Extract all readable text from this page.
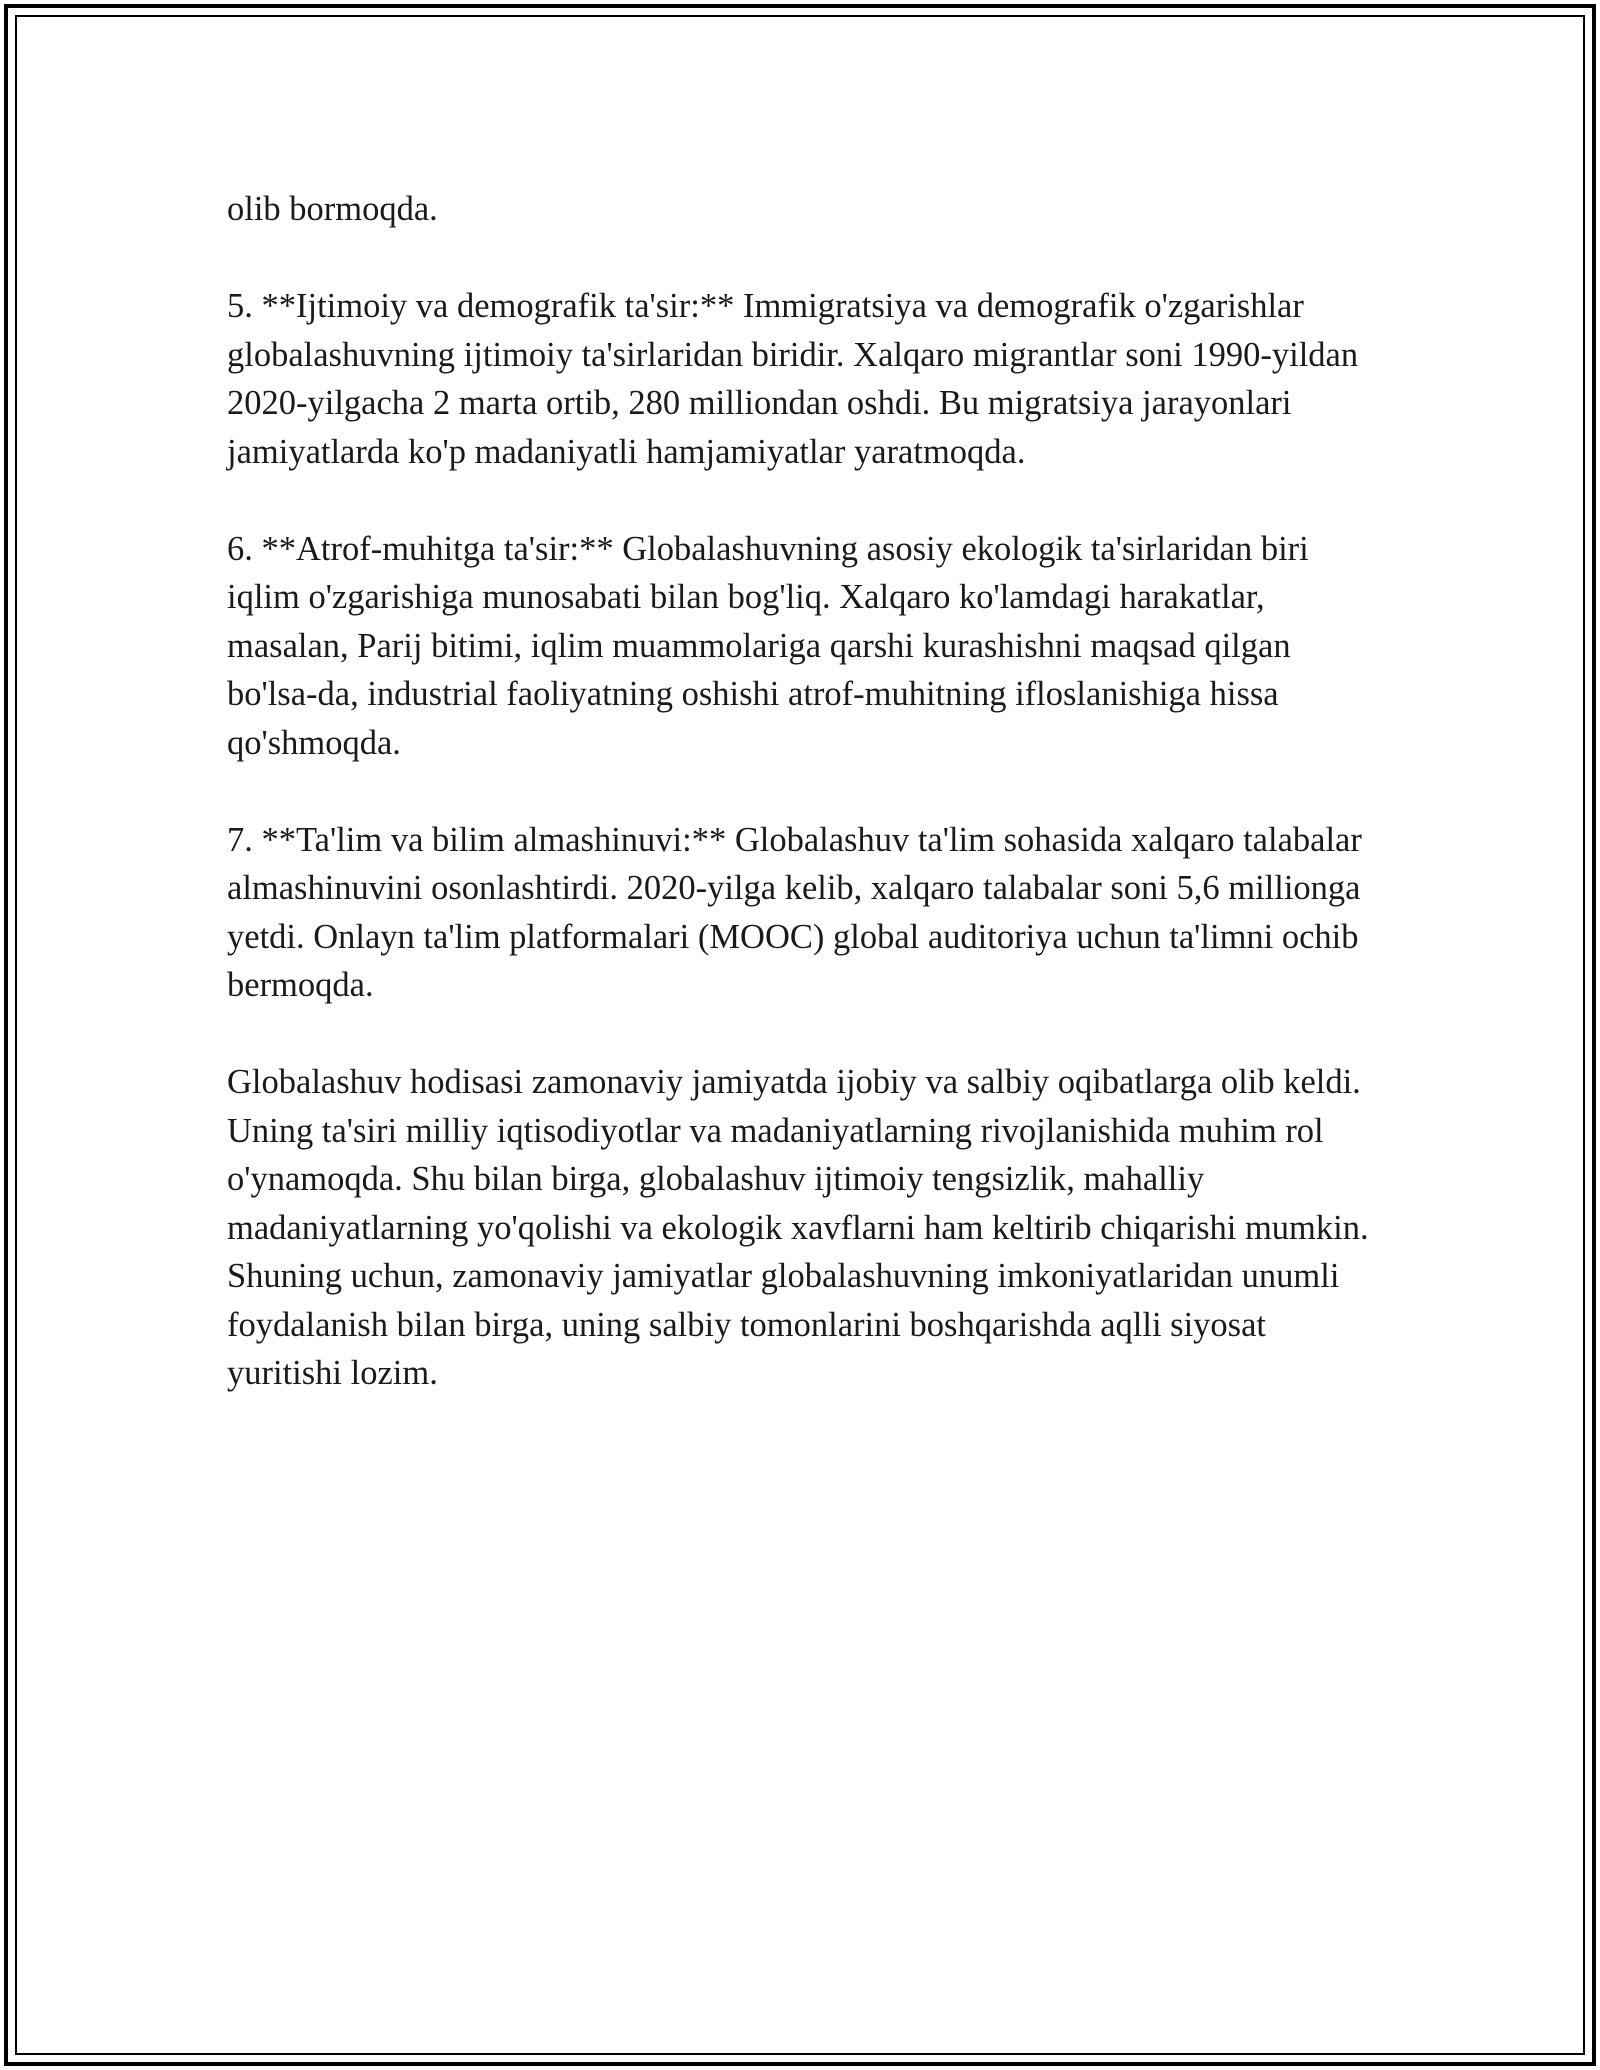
olib bormoqda.

5. **Ijtimoiy va demografik ta'sir:** Immigratsiya va demografik o'zgarishlar globalashuvning ijtimoiy ta'sirlaridan biridir. Xalqaro migrantlar soni 1990-yildan 2020-yilgacha 2 marta ortib, 280 milliondan oshdi. Bu migratsiya jarayonlari jamiyatlarda ko'p madaniyatli hamjamiyatlar yaratmoqda.

6. **Atrof-muhitga ta'sir:** Globalashuvning asosiy ekologik ta'sirlaridan biri iqlim o'zgarishiga munosabati bilan bog'liq. Xalqaro ko'lamdagi harakatlar, masalan, Parij bitimi, iqlim muammolariga qarshi kurashishni maqsad qilgan bo'lsa-da, industrial faoliyatning oshishi atrof-muhitning ifloslanishiga hissa qo'shmoqda.

7. **Ta'lim va bilim almashinuvi:** Globalashuv ta'lim sohasida xalqaro talabalar almashinuvini osonlashtirdi. 2020-yilga kelib, xalqaro talabalar soni 5,6 millionga yetdi. Onlayn ta'lim platformalari (MOOC) global auditoriya uchun ta'limni ochib bermoqda.

Globalashuv hodisasi zamonaviy jamiyatda ijobiy va salbiy oqibatlarga olib keldi. Uning ta'siri milliy iqtisodiyotlar va madaniyatlarning rivojlanishida muhim rol o'ynamoqda. Shu bilan birga, globalashuv ijtimoiy tengsizlik, mahalliy madaniyatlarning yo'qolishi va ekologik xavflarni ham keltirib chiqarishi mumkin. Shuning uchun, zamonaviy jamiyatlar globalashuvning imkoniyatlaridan unumli foydalanish bilan birga, uning salbiy tomonlarini boshqarishda aqlli siyosat yuritishi lozim.
